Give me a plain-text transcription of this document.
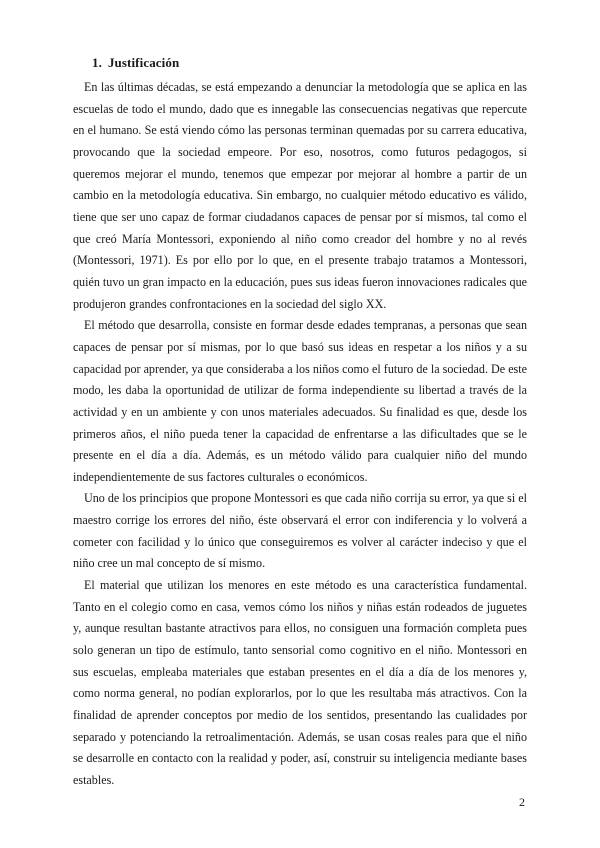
1. Justificación

En las últimas décadas, se está empezando a denunciar la metodología que se aplica en las escuelas de todo el mundo, dado que es innegable las consecuencias negativas que repercute en el humano. Se está viendo cómo las personas terminan quemadas por su carrera educativa, provocando que la sociedad empeore. Por eso, nosotros, como futuros pedagogos, si queremos mejorar el mundo, tenemos que empezar por mejorar al hombre a partir de un cambio en la metodología educativa. Sin embargo, no cualquier método educativo es válido, tiene que ser uno capaz de formar ciudadanos capaces de pensar por sí mismos, tal como el que creó María Montessori, exponiendo al niño como creador del hombre y no al revés (Montessori, 1971). Es por ello por lo que, en el presente trabajo tratamos a Montessori, quién tuvo un gran impacto en la educación, pues sus ideas fueron innovaciones radicales que produjeron grandes confrontaciones en la sociedad del siglo XX.

El método que desarrolla, consiste en formar desde edades tempranas, a personas que sean capaces de pensar por sí mismas, por lo que basó sus ideas en respetar a los niños y a su capacidad por aprender, ya que consideraba a los niños como el futuro de la sociedad. De este modo, les daba la oportunidad de utilizar de forma independiente su libertad a través de la actividad y en un ambiente y con unos materiales adecuados. Su finalidad es que, desde los primeros años, el niño pueda tener la capacidad de enfrentarse a las dificultades que se le presente en el día a día. Además, es un método válido para cualquier niño del mundo independientemente de sus factores culturales o económicos.

Uno de los principios que propone Montessori es que cada niño corrija su error, ya que si el maestro corrige los errores del niño, éste observará el error con indiferencia y lo volverá a cometer con facilidad y lo único que conseguiremos es volver al carácter indeciso y que el niño cree un mal concepto de sí mismo.

El material que utilizan los menores en este método es una característica fundamental. Tanto en el colegio como en casa, vemos cómo los niños y niñas están rodeados de juguetes y, aunque resultan bastante atractivos para ellos, no consiguen una formación completa pues solo generan un tipo de estímulo, tanto sensorial como cognitivo en el niño. Montessori en sus escuelas, empleaba materiales que estaban presentes en el día a día de los menores y, como norma general, no podían explorarlos, por lo que les resultaba más atractivos. Con la finalidad de aprender conceptos por medio de los sentidos, presentando las cualidades por separado y potenciando la retroalimentación. Además, se usan cosas reales para que el niño se desarrolle en contacto con la realidad y poder, así, construir su inteligencia mediante bases estables.

2
